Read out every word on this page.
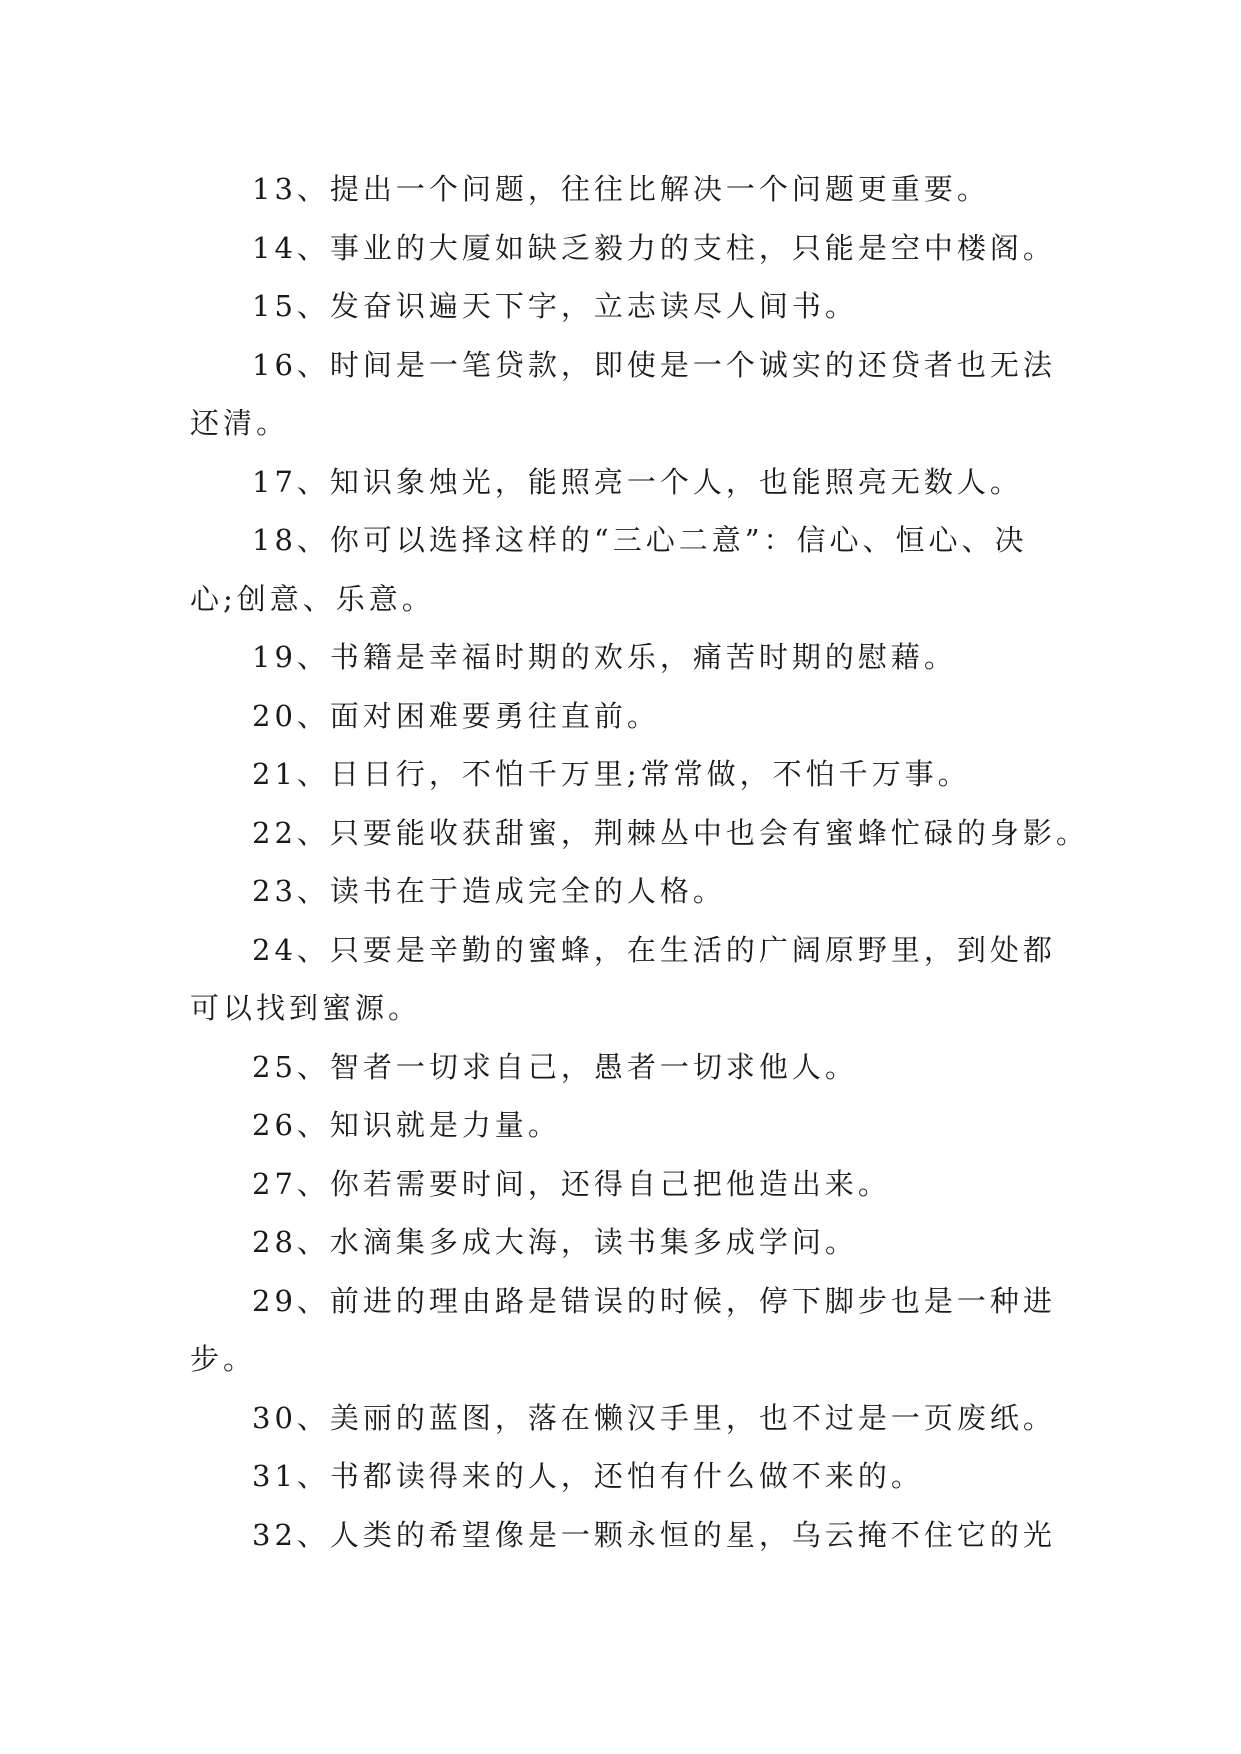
13、提出一个问题，往往比解决一个问题更重要。
14、事业的大厦如缺乏毅力的支柱，只能是空中楼阁。
15、发奋识遍天下字，立志读尽人间书。
16、时间是一笔贷款，即使是一个诚实的还贷者也无法
还清。
17、知识象烛光，能照亮一个人，也能照亮无数人。
18、你可以选择这样的“三心二意”：信心、恒心、决
心;创意、乐意。
19、书籍是幸福时期的欢乐，痛苦时期的慰藉。
20、面对困难要勇往直前。
21、日日行，不怕千万里;常常做，不怕千万事。
22、只要能收获甜蜜，荆棘丛中也会有蜜蜂忙碌的身影。
23、读书在于造成完全的人格。
24、只要是辛勤的蜜蜂，在生活的广阔原野里，到处都
可以找到蜜源。
25、智者一切求自己，愚者一切求他人。
26、知识就是力量。
27、你若需要时间，还得自己把他造出来。
28、水滴集多成大海，读书集多成学问。
29、前进的理由路是错误的时候，停下脚步也是一种进
步。
30、美丽的蓝图，落在懒汉手里，也不过是一页废纸。
31、书都读得来的人，还怕有什么做不来的。
32、人类的希望像是一颗永恒的星，乌云掩不住它的光
